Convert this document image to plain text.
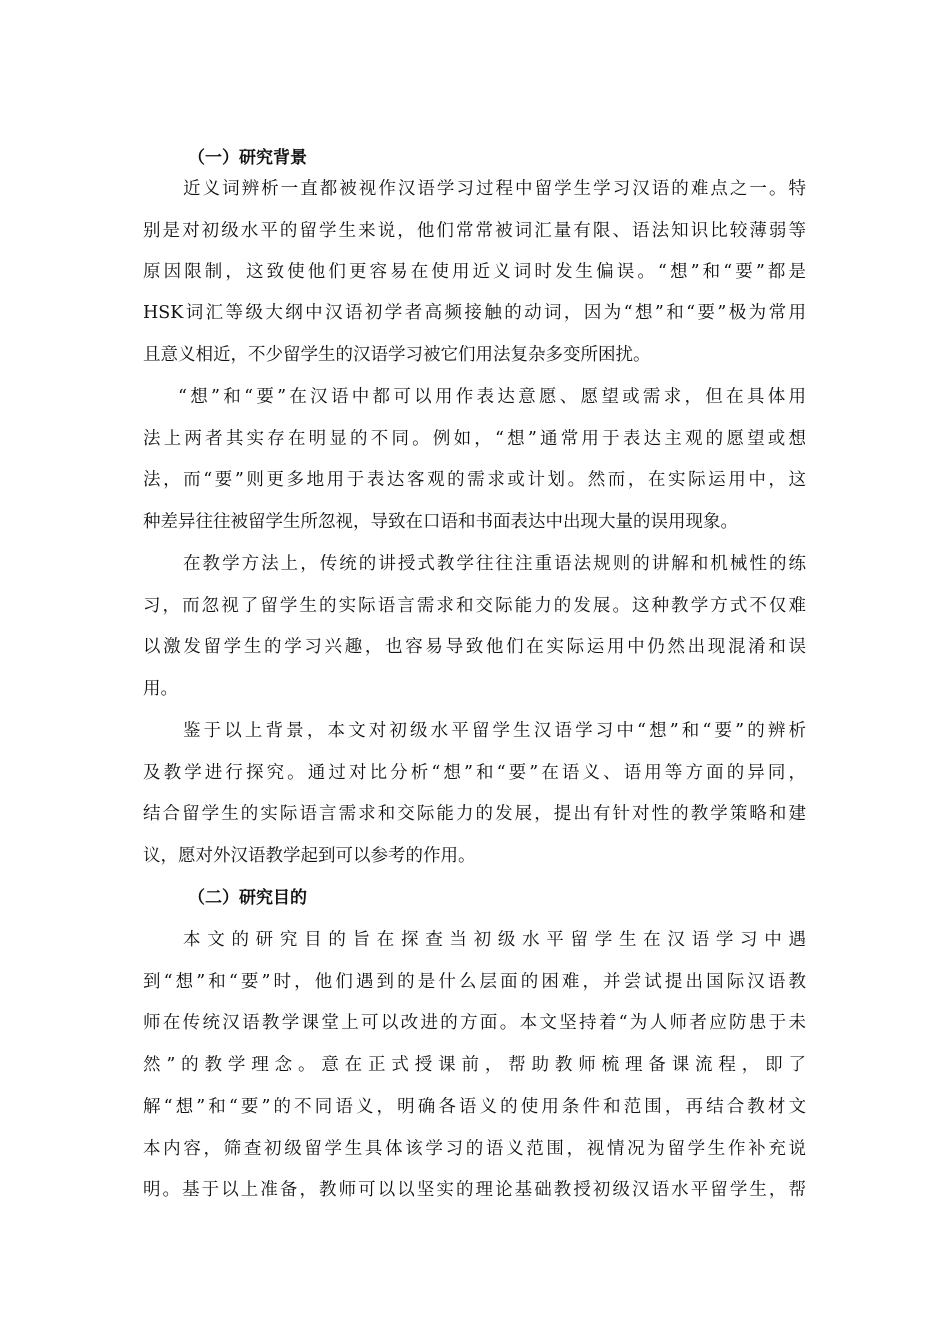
（一）研究背景
近义词辨析一直都被视作汉语学习过程中留学生学习汉语的难点之一。特
别是对初级水平的留学生来说，他们常常被词汇量有限、语法知识比较薄弱等
原因限制，这致使他们更容易在使用近义词时发生偏误。“想”和“要”都是
HSK词汇等级大纲中汉语初学者高频接触的动词，因为“想”和“要”极为常用
且意义相近，不少留学生的汉语学习被它们用法复杂多变所困扰。
“想”和“要”在汉语中都可以用作表达意愿、愿望或需求，但在具体用
法上两者其实存在明显的不同。例如，“想”通常用于表达主观的愿望或想
法，而“要”则更多地用于表达客观的需求或计划。然而，在实际运用中，这
种差异往往被留学生所忽视，导致在口语和书面表达中出现大量的误用现象。
在教学方法上，传统的讲授式教学往往注重语法规则的讲解和机械性的练
习，而忽视了留学生的实际语言需求和交际能力的发展。这种教学方式不仅难
以激发留学生的学习兴趣，也容易导致他们在实际运用中仍然出现混淆和误
用。
鉴于以上背景，本文对初级水平留学生汉语学习中“想”和“要”的辨析
及教学进行探究。通过对比分析“想”和“要”在语义、语用等方面的异同，
结合留学生的实际语言需求和交际能力的发展，提出有针对性的教学策略和建
议，愿对外汉语教学起到可以参考的作用。
（二）研究目的
本文的研究目的旨在探查当初级水平留学生在汉语学习中遇
到“想”和“要”时，他们遇到的是什么层面的困难，并尝试提出国际汉语教
师在传统汉语教学课堂上可以改进的方面。本文坚持着“为人师者应防患于未
然”的教学理念。意在正式授课前，帮助教师梳理备课流程，即了
解“想”和“要”的不同语义，明确各语义的使用条件和范围，再结合教材文
本内容，筛查初级留学生具体该学习的语义范围，视情况为留学生作补充说
明。基于以上准备，教师可以以坚实的理论基础教授初级汉语水平留学生，帮
